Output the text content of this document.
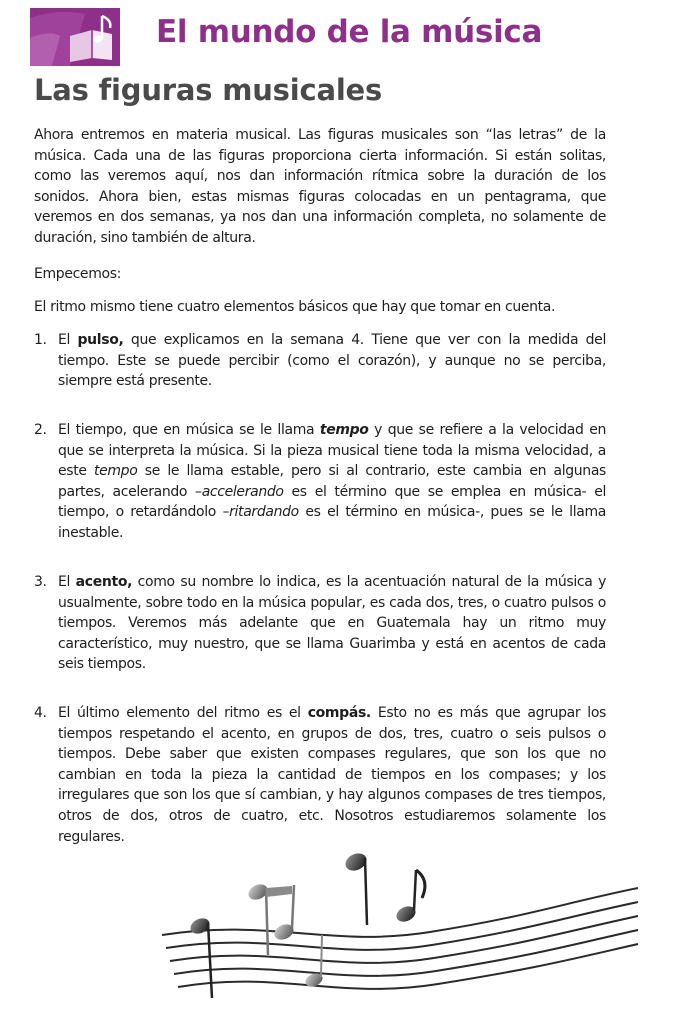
El mundo de la música
Las figuras musicales

Ahora entremos en materia musical. Las figuras musicales son “las letras” de la música. Cada una de las figuras proporciona cierta información. Si están solitas, como las veremos aquí, nos dan información rítmica sobre la duración de los sonidos. Ahora bien, estas mismas figuras colocadas en un pentagrama, que veremos en dos semanas, ya nos dan una información completa, no solamente de duración, sino también de altura.

Empecemos:

El ritmo mismo tiene cuatro elementos básicos que hay que tomar en cuenta.

1. El pulso, que explicamos en la semana 4. Tiene que ver con la medida del tiempo. Este se puede percibir (como el corazón), y aunque no se perciba, siempre está presente.

2. El tiempo, que en música se le llama tempo y que se refiere a la velocidad en que se interpreta la música. Si la pieza musical tiene toda la misma velocidad, a este tempo se le llama estable, pero si al contrario, este cambia en algunas partes, acelerando –accelerando es el término que se emplea en música- el tiempo, o retardándolo –ritardando es el término en música-, pues se le llama inestable.

3. El acento, como su nombre lo indica, es la acentuación natural de la música y usualmente, sobre todo en la música popular, es cada dos, tres, o cuatro pulsos o tiempos. Veremos más adelante que en Guatemala hay un ritmo muy característico, muy nuestro, que se llama Guarimba y está en acentos de cada seis tiempos.

4. El último elemento del ritmo es el compás. Esto no es más que agrupar los tiempos respetando el acento, en grupos de dos, tres, cuatro o seis pulsos o tiempos. Debe saber que existen compases regulares, que son los que no cambian en toda la pieza la cantidad de tiempos en los compases; y los irregulares que son los que sí cambian, y hay algunos compases de tres tiempos, otros de dos, otros de cuatro, etc. Nosotros estudiaremos solamente los regulares.
